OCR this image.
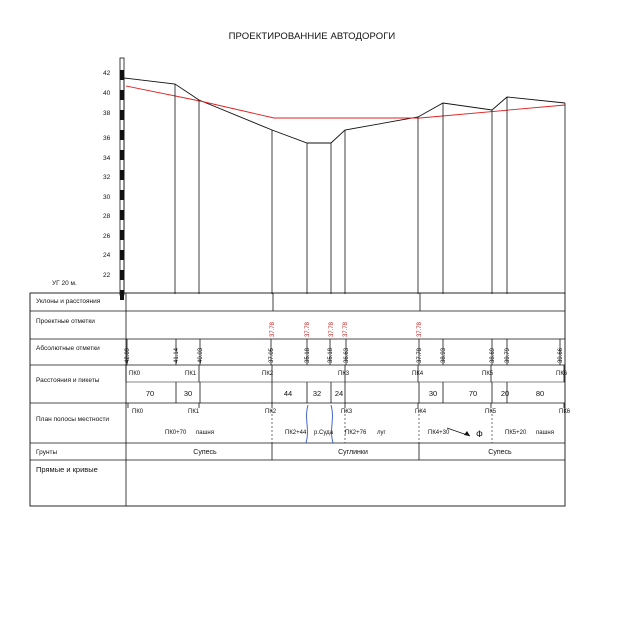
ПРОЕКТИРОВАННИЕ АВТОДОРОГИ
42
40
38
36
34
32
30
28
26
24
22
УГ 20 м.
Уклоны и расстояния
Проектные отметки
Абсолютные отметки
Расстояния и пикеты
План полосы местности
Грунты
Прямые и кривые
37.78	37.78	37.78 37.78	37.78
42.09	41.14	40.03	37.05	35.18	35.18 36.63	37.78	38.93	38.69 39.79	39.66
ПК0	ПК1	ПК2	ПК3	ПК4	ПК5	ПК6
70	30	44	32 24	30	70	20	80
ПК0	ПК1	ПК2	ПК3	ПК4	ПК5	ПК6
ПК0+70 пашня	ПК2+44 р.Суда ПК2+76 луг	ПК4+30	ПК5+20 пашня
Ф
Супесь	Суглинки	Супесь
